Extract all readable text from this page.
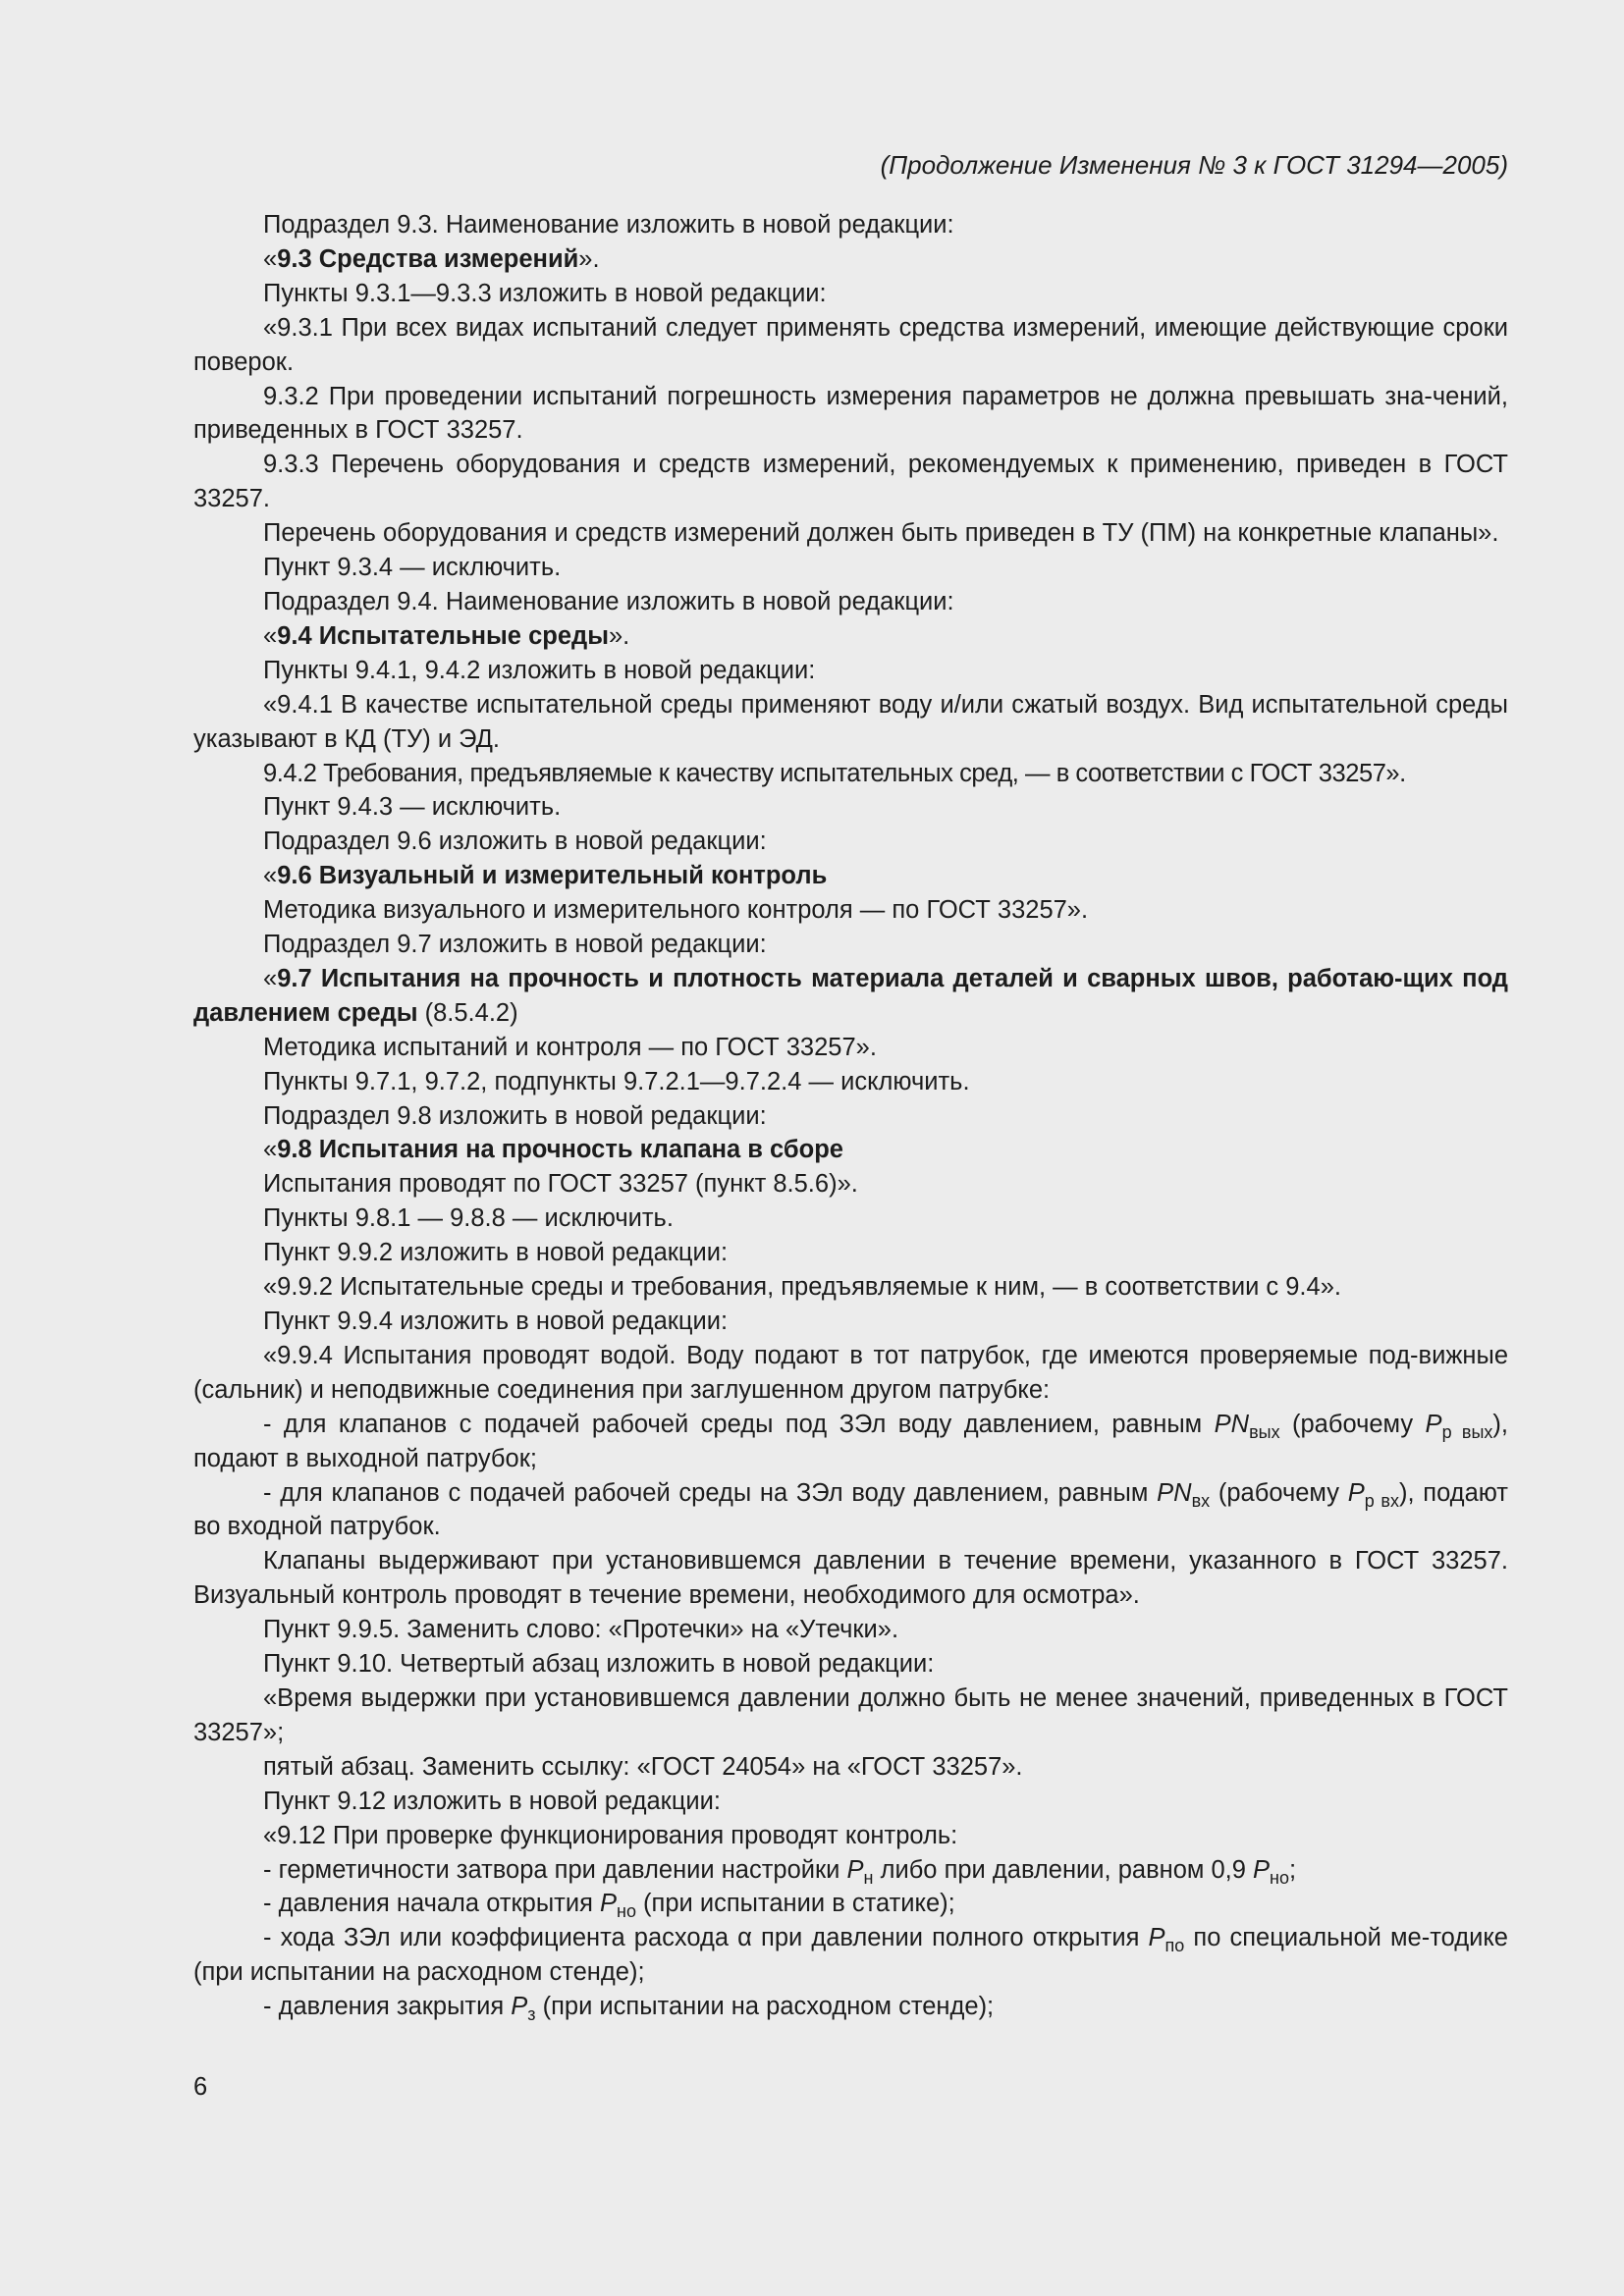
(Продолжение Изменения № 3 к ГОСТ 31294—2005)

Подраздел 9.3. Наименование изложить в новой редакции:

«9.3 Средства измерений».

Пункты 9.3.1—9.3.3 изложить в новой редакции:

«9.3.1 При всех видах испытаний следует применять средства измерений, имеющие действующие сроки поверок.

9.3.2 При проведении испытаний погрешность измерения параметров не должна превышать зна-чений, приведенных в ГОСТ 33257.

9.3.3 Перечень оборудования и средств измерений, рекомендуемых к применению, приведен в ГОСТ 33257.

Перечень оборудования и средств измерений должен быть приведен в ТУ (ПМ) на конкретные клапаны».

Пункт 9.3.4 — исключить.

Подраздел 9.4. Наименование изложить в новой редакции:

«9.4 Испытательные среды».

Пункты 9.4.1, 9.4.2 изложить в новой редакции:

«9.4.1 В качестве испытательной среды применяют воду и/или сжатый воздух. Вид испытательной среды указывают в КД (ТУ) и ЭД.

9.4.2 Требования, предъявляемые к качеству испытательных сред, — в соответствии с ГОСТ 33257».

Пункт 9.4.3 — исключить.

Подраздел 9.6 изложить в новой редакции:

«9.6 Визуальный и измерительный контроль

Методика визуального и измерительного контроля — по ГОСТ 33257».

Подраздел 9.7 изложить в новой редакции:

«9.7 Испытания на прочность и плотность материала деталей и сварных швов, работаю-щих под давлением среды (8.5.4.2)

Методика испытаний и контроля — по ГОСТ 33257».

Пункты 9.7.1, 9.7.2, подпункты 9.7.2.1—9.7.2.4 — исключить.

Подраздел 9.8 изложить в новой редакции:

«9.8 Испытания на прочность клапана в сборе

Испытания проводят по ГОСТ 33257 (пункт 8.5.6)».

Пункты 9.8.1 — 9.8.8 — исключить.

Пункт 9.9.2 изложить в новой редакции:

«9.9.2 Испытательные среды и требования, предъявляемые к ним, — в соответствии с 9.4».

Пункт 9.9.4 изложить в новой редакции:

«9.9.4 Испытания проводят водой. Воду подают в тот патрубок, где имеются проверяемые под-вижные (сальник) и неподвижные соединения при заглушенном другом патрубке:

- для клапанов с подачей рабочей среды под ЗЭл воду давлением, равным $PN_{вых}$ (рабочему $P_{р вых}$), подают в выходной патрубок;

- для клапанов с подачей рабочей среды на ЗЭл воду давлением, равным $PN_{вх}$ (рабочему $P_{р вх}$), подают во входной патрубок.

Клапаны выдерживают при установившемся давлении в течение времени, указанного в ГОСТ 33257. Визуальный контроль проводят в течение времени, необходимого для осмотра».

Пункт 9.9.5. Заменить слово: «Протечки» на «Утечки».

Пункт 9.10. Четвертый абзац изложить в новой редакции:

«Время выдержки при установившемся давлении должно быть не менее значений, приведенных в ГОСТ 33257»;

пятый абзац. Заменить ссылку: «ГОСТ 24054» на «ГОСТ 33257».

Пункт 9.12 изложить в новой редакции:

«9.12 При проверке функционирования проводят контроль:

- герметичности затвора при давлении настройки $P_н$ либо при давлении, равном 0,9 $P_{но}$;

- давления начала открытия $P_{но}$ (при испытании в статике);

- хода ЗЭл или коэффициента расхода α при давлении полного открытия $P_{по}$ по специальной ме-тодике (при испытании на расходном стенде);

- давления закрытия $P_з$ (при испытании на расходном стенде);

6
